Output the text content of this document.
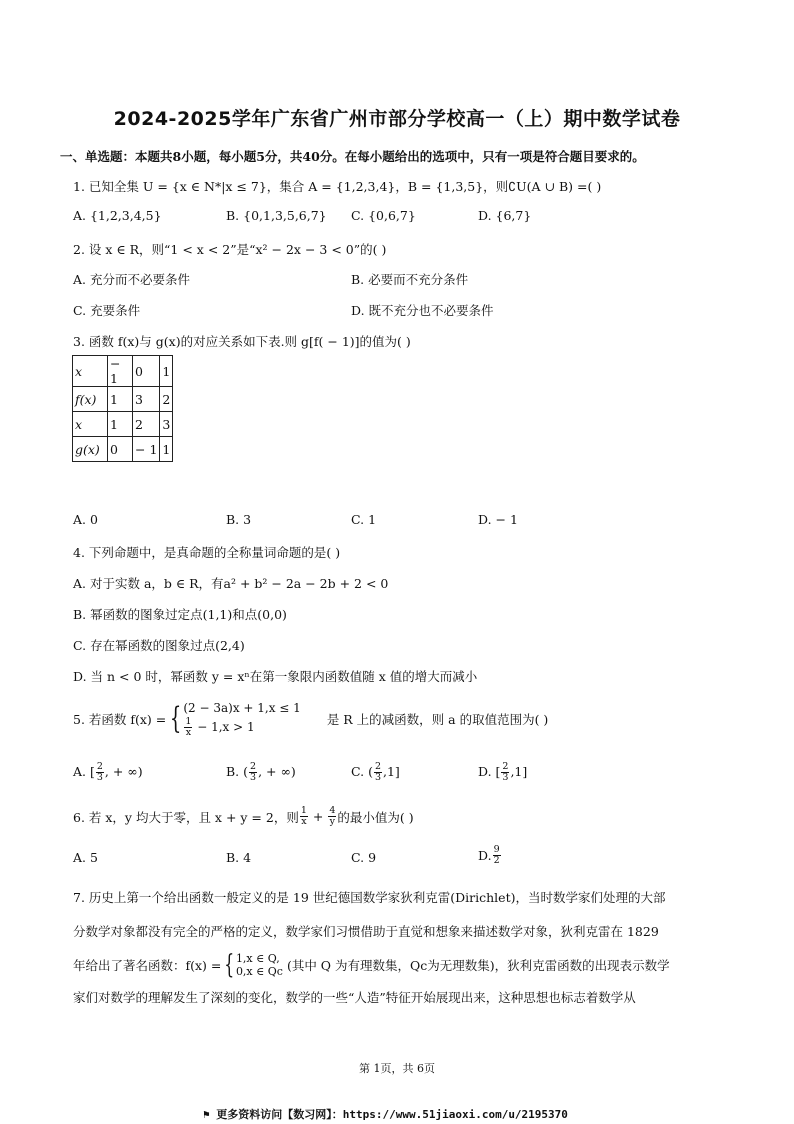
2024-2025学年广东省广州市部分学校高一（上）期中数学试卷
一、单选题：本题共8小题，每小题5分，共40分。在每小题给出的选项中，只有一项是符合题目要求的。
1. 已知全集 U = {x ∈ N*|x ≤ 7}，集合 A = {1,2,3,4}，B = {1,3,5}，则∁U(A ∪ B) =( )
A. {1,2,3,4,5}	B. {0,1,3,5,6,7} C. {0,6,7}	D. {6,7}
2. 设 x ∈ R，则“1 < x < 2”是“x² − 2x − 3 < 0”的( )
A. 充分而不必要条件	B. 必要而不充分条件
C. 充要条件	D. 既不充分也不必要条件
3. 函数 f(x)与 g(x)的对应关系如下表.则 g[f( − 1)]的值为( )
x	− 1	0	1
f(x)	1	3	2
x	1	2	3
g(x)	0	− 1	1
A. 0	B. 3	C. 1	D. − 1
4. 下列命题中，是真命题的全称量词命题的是( )
A. 对于实数 a，b ∈ R，有a² + b² − 2a − 2b + 2 < 0
B. 幂函数的图象过定点(1,1)和点(0,0)
C. 存在幂函数的图象过点(2,4)
D. 当 n < 0 时，幂函数 y = xⁿ在第一象限内函数值随 x 值的增大而减小
5. 若函数 f(x) = { (2 − 3a)x + 1,x ≤ 1
$\frac{1}{x} - 1,x > 1$	是 R 上的减函数，则 a 的取值范围为( )
A. [ $\frac{2}{3}$ , + ∞)	B. ( $\frac{2}{3}$ , + ∞)	C. ( $\frac{2}{3} ,1$]	D. [ $\frac{2}{3} ,1$]
6. 若 x，y 均大于零，且 x + y = 2，则 $\frac{1}{x} + \frac{4}{y}$ 的最小值为( )
A. 5	B. 4	C. 9	D. $\frac{9}{2}$
7. 历史上第一个给出函数一般定义的是 19 世纪德国数学家狄利克雷(Dirichlet)，当时数学家们处理的大部
分数学对象都没有完全的严格的定义，数学家们习惯借助于直觉和想象来描述数学对象，狄利克雷在 1829
年给出了著名函数：f(x) = { 1,x ∈ Q,
0,x ∈ Qc (其中 Q 为有理数集，Qc为无理数集)，狄利克雷函数的出现表示数学
家们对数学的理解发生了深刻的变化，数学的一些“人造”特征开始展现出来，这种思想也标志着数学从
第 1页，共 6页
⚑ 更多资料访问【数习网】：https://www.51jiaoxi.com/u/2195370
